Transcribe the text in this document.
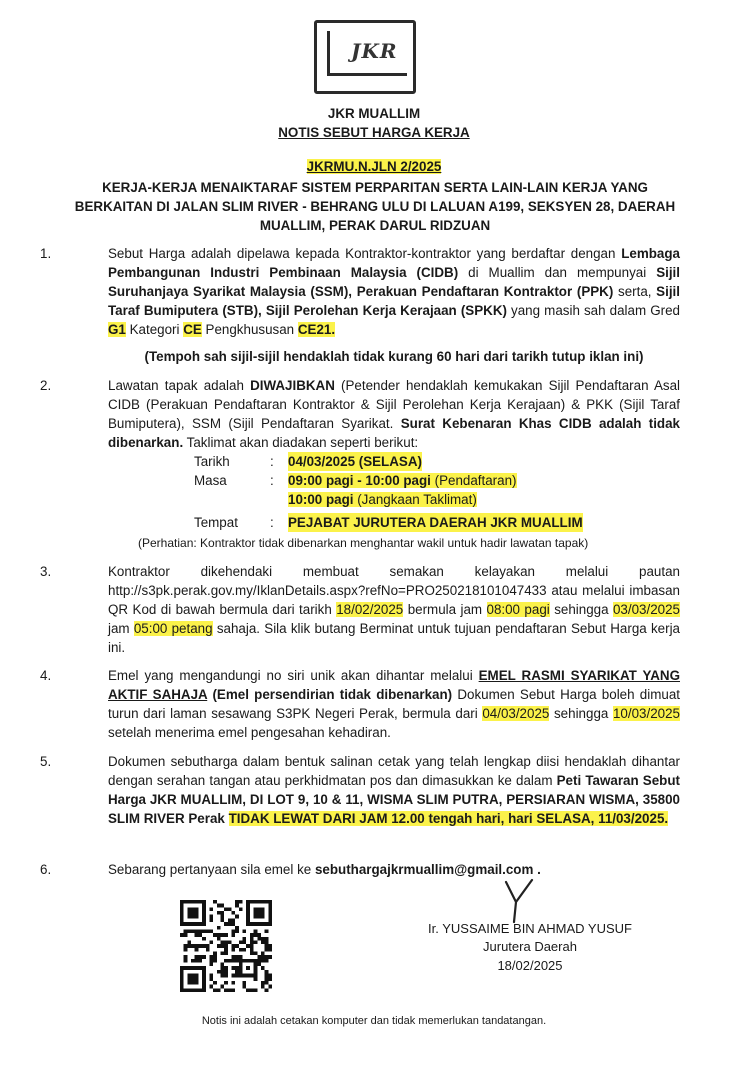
JKR
JKR MUALLIM
NOTIS SEBUT HARGA KERJA
JKRMU.N.JLN 2/2025
KERJA-KERJA MENAIKTARAF SISTEM PERPARITAN SERTA LAIN-LAIN KERJA YANG
BERKAITAN DI JALAN SLIM RIVER - BEHRANG ULU DI LALUAN A199, SEKSYEN 28, DAERAH
MUALLIM, PERAK DARUL RIDZUAN
1.	Sebut Harga adalah dipelawa kepada Kontraktor-kontraktor yang berdaftar dengan Lembaga Pembangunan Industri Pembinaan Malaysia (CIDB) di Muallim dan mempunyai Sijil Suruhanjaya Syarikat Malaysia (SSM), Perakuan Pendaftaran Kontraktor (PPK) serta, Sijil Taraf Bumiputera (STB), Sijil Perolehan Kerja Kerajaan (SPKK) yang masih sah dalam Gred G1 Kategori CE Pengkhususan CE21.
(Tempoh sah sijil-sijil hendaklah tidak kurang 60 hari dari tarikh tutup iklan ini)
2.	Lawatan tapak adalah DIWAJIBKAN (Petender hendaklah kemukakan Sijil Pendaftaran Asal CIDB (Perakuan Pendaftaran Kontraktor & Sijil Perolehan Kerja Kerajaan) & PKK (Sijil Taraf Bumiputera), SSM (Sijil Pendaftaran Syarikat. Surat Kebenaran Khas CIDB adalah tidak dibenarkan. Taklimat akan diadakan seperti berikut:
Tarikh	: 04/03/2025 (SELASA)
Masa	: 09:00 pagi - 10:00 pagi (Pendaftaran)
10:00 pagi (Jangkaan Taklimat)
Tempat : PEJABAT JURUTERA DAERAH JKR MUALLIM
(Perhatian: Kontraktor tidak dibenarkan menghantar wakil untuk hadir lawatan tapak)
3.	Kontraktor dikehendaki membuat semakan kelayakan melalui pautan http://s3pk.perak.gov.my/IklanDetails.aspx?refNo=PRO250218101047433 atau melalui imbasan QR Kod di bawah bermula dari tarikh 18/02/2025 bermula jam 08:00 pagi sehingga 03/03/2025 jam 05:00 petang sahaja. Sila klik butang Berminat untuk tujuan pendaftaran Sebut Harga kerja ini.
4.	Emel yang mengandungi no siri unik akan dihantar melalui EMEL RASMI SYARIKAT YANG AKTIF SAHAJA (Emel persendirian tidak dibenarkan) Dokumen Sebut Harga boleh dimuat turun dari laman sesawang S3PK Negeri Perak, bermula dari 04/03/2025 sehingga 10/03/2025 setelah menerima emel pengesahan kehadiran.
5.	Dokumen sebutharga dalam bentuk salinan cetak yang telah lengkap diisi hendaklah dihantar dengan serahan tangan atau perkhidmatan pos dan dimasukkan ke dalam Peti Tawaran Sebut Harga JKR MUALLIM, DI LOT 9, 10 & 11, WISMA SLIM PUTRA, PERSIARAN WISMA, 35800 SLIM RIVER Perak TIDAK LEWAT DARI JAM 12.00 tengah hari, hari SELASA, 11/03/2025.
6.	Sebarang pertanyaan sila emel ke sebuthargajkrmuallim@gmail.com .
Ir. YUSSAIME BIN AHMAD YUSUF
Jurutera Daerah
18/02/2025
Notis ini adalah cetakan komputer dan tidak memerlukan tandatangan.
